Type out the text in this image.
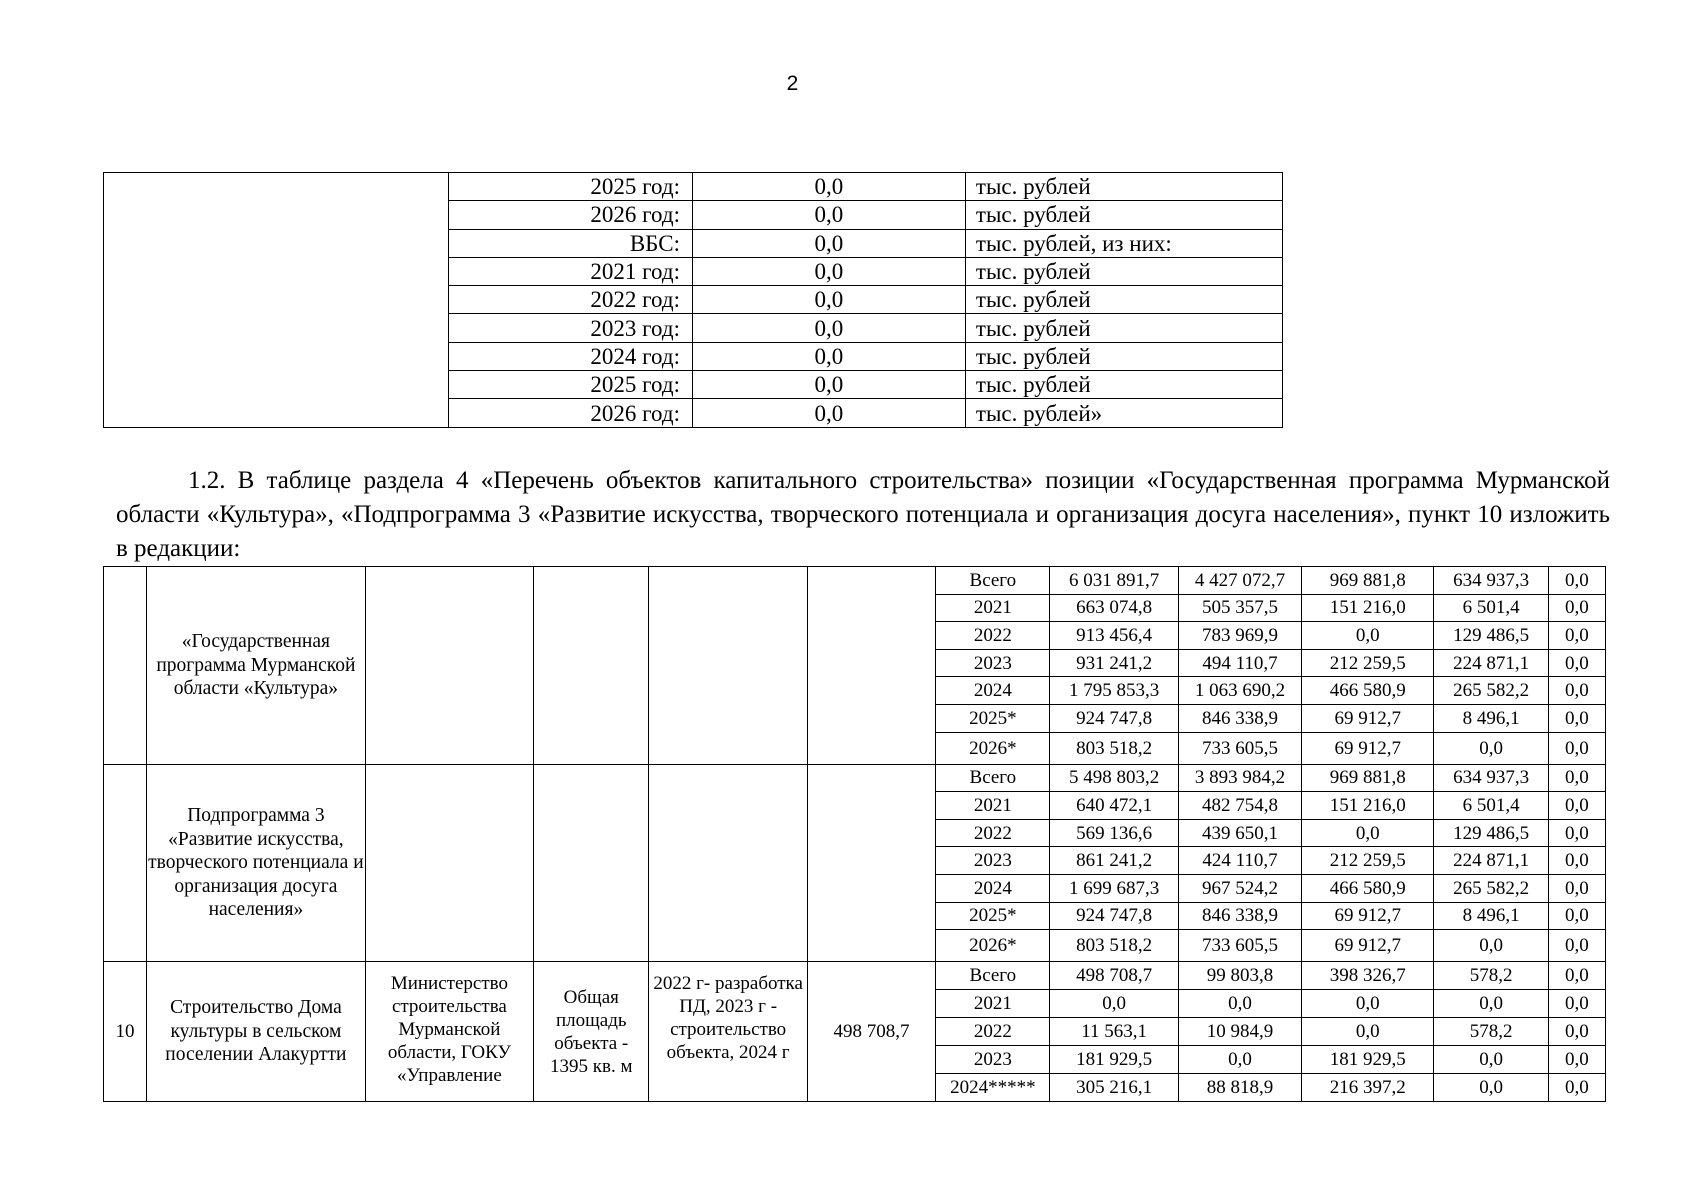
2
	2025 год:	0,0	тыс. рублей
	2026 год:	0,0	тыс. рублей
	ВБС:	0,0	тыс. рублей, из них:
	2021 год:	0,0	тыс. рублей
	2022 год:	0,0	тыс. рублей
	2023 год:	0,0	тыс. рублей
	2024 год:	0,0	тыс. рублей
	2025 год:	0,0	тыс. рублей
	2026 год:	0,0	тыс. рублей»

1.2. В таблице раздела 4 «Перечень объектов капитального строительства» позиции «Государственная программа Мурманской области «Культура», «Подпрограмма 3 «Развитие искусства, творческого потенциала и организация досуга населения», пункт 10 изложить в редакции:

	«Государственная программа Мурманской области «Культура»					Всего	6 031 891,7	4 427 072,7	969 881,8	634 937,3	0,0
						2021	663 074,8	505 357,5	151 216,0	6 501,4	0,0
						2022	913 456,4	783 969,9	0,0	129 486,5	0,0
						2023	931 241,2	494 110,7	212 259,5	224 871,1	0,0
						2024	1 795 853,3	1 063 690,2	466 580,9	265 582,2	0,0
						2025*	924 747,8	846 338,9	69 912,7	8 496,1	0,0
						2026*	803 518,2	733 605,5	69 912,7	0,0	0,0
	Подпрограмма 3 «Развитие искусства, творческого потенциала и организация досуга населения»					Всего	5 498 803,2	3 893 984,2	969 881,8	634 937,3	0,0
						2021	640 472,1	482 754,8	151 216,0	6 501,4	0,0
						2022	569 136,6	439 650,1	0,0	129 486,5	0,0
						2023	861 241,2	424 110,7	212 259,5	224 871,1	0,0
						2024	1 699 687,3	967 524,2	466 580,9	265 582,2	0,0
						2025*	924 747,8	846 338,9	69 912,7	8 496,1	0,0
						2026*	803 518,2	733 605,5	69 912,7	0,0	0,0
10	Строительство Дома культуры в сельском поселении Алакуртти	Министерство строительства Мурманской области, ГОКУ «Управление	Общая площадь объекта - 1395 кв. м	2022 г- разработка ПД, 2023 г - строительство объекта, 2024 г	498 708,7	Всего	498 708,7	99 803,8	398 326,7	578,2	0,0
						2021	0,0	0,0	0,0	0,0	0,0
						2022	11 563,1	10 984,9	0,0	578,2	0,0
						2023	181 929,5	0,0	181 929,5	0,0	0,0
						2024*****	305 216,1	88 818,9	216 397,2	0,0	0,0
